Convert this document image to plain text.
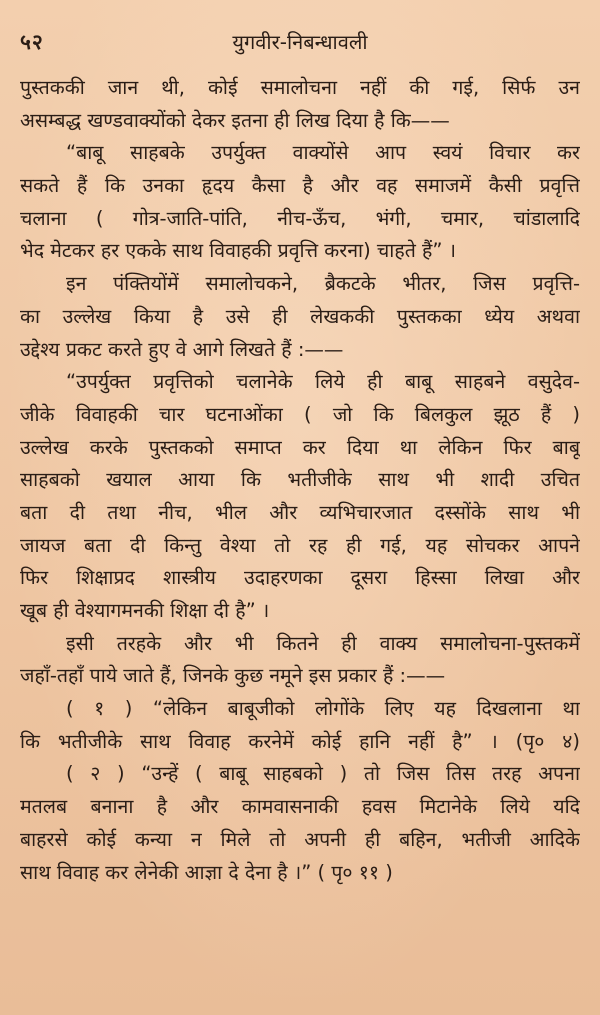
५२	युगवीर-निबन्धावली
पुस्तककी जान थी, कोई समालोचना नहीं की गई, सिर्फ उन
असम्बद्ध खण्डवाक्योंको देकर इतना ही लिख दिया है कि——
“बाबू साहबके उपर्युक्त वाक्योंसे आप स्वयं विचार कर
सकते हैं कि उनका हृदय कैसा है और वह समाजमें कैसी प्रवृत्ति
चलाना ( गोत्र-जाति-पांति, नीच-ऊँच, भंगी, चमार, चांडालादि
भेद मेटकर हर एकके साथ विवाहकी प्रवृत्ति करना) चाहते हैं” ।
इन पंक्तियोंमें समालोचकने, ब्रैकटके भीतर, जिस प्रवृत्ति-
का उल्लेख किया है उसे ही लेखककी पुस्तकका ध्येय अथवा
उद्देश्य प्रकट करते हुए वे आगे लिखते हैं :——
“उपर्युक्त प्रवृत्तिको चलानेके लिये ही बाबू साहबने वसुदेव-
जीके विवाहकी चार घटनाओंका ( जो कि बिलकुल झूठ हैं )
उल्लेख करके पुस्तकको समाप्त कर दिया था लेकिन फिर बाबू
साहबको खयाल आया कि भतीजीके साथ भी शादी उचित
बता दी तथा नीच, भील और व्यभिचारजात दस्सोंके साथ भी
जायज बता दी किन्तु वेश्या तो रह ही गई, यह सोचकर आपने
फिर शिक्षाप्रद शास्त्रीय उदाहरणका दूसरा हिस्सा लिखा और
खूब ही वेश्यागमनकी शिक्षा दी है” ।
इसी तरहके और भी कितने ही वाक्य समालोचना-पुस्तकमें
जहाँ-तहाँ पाये जाते हैं, जिनके कुछ नमूने इस प्रकार हैं :——
( १ ) “लेकिन बाबूजीको लोगोंके लिए यह दिखलाना था
कि भतीजीके साथ विवाह करनेमें कोई हानि नहीं है” । (पृ० ४)
( २ ) “उन्हें ( बाबू साहबको ) तो जिस तिस तरह अपना
मतलब बनाना है और कामवासनाकी हवस मिटानेके लिये यदि
बाहरसे कोई कन्या न मिले तो अपनी ही बहिन, भतीजी आदिके
साथ विवाह कर लेनेकी आज्ञा दे देना है ।” ( पृ० ११ )
